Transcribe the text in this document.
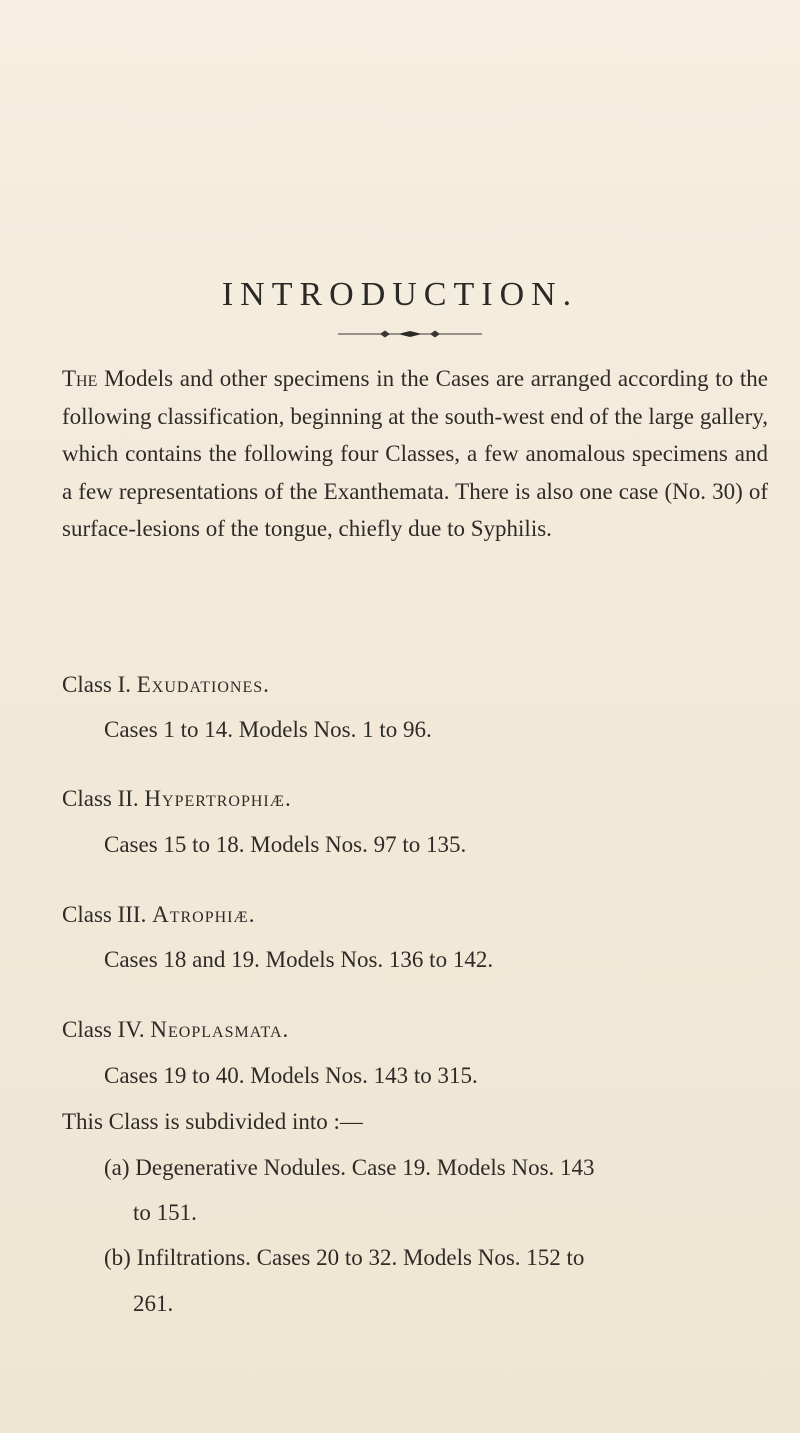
INTRODUCTION.

The Models and other specimens in the Cases are arranged according to the following classification, beginning at the south-west end of the large gallery, which contains the following four Classes, a few anomalous specimens and a few representations of the Exanthemata. There is also one case (No. 30) of surface-lesions of the tongue, chiefly due to Syphilis.

Class I. Exudationes.
Cases 1 to 14. Models Nos. 1 to 96.
Class II. Hypertrophiæ.
Cases 15 to 18. Models Nos. 97 to 135.
Class III. Atrophiæ.
Cases 18 and 19. Models Nos. 136 to 142.
Class IV. Neoplasmata.
Cases 19 to 40. Models Nos. 143 to 315.
This Class is subdivided into :—
(a) Degenerative Nodules. Case 19. Models Nos. 143
to 151.
(b) Infiltrations. Cases 20 to 32. Models Nos. 152 to
261.
